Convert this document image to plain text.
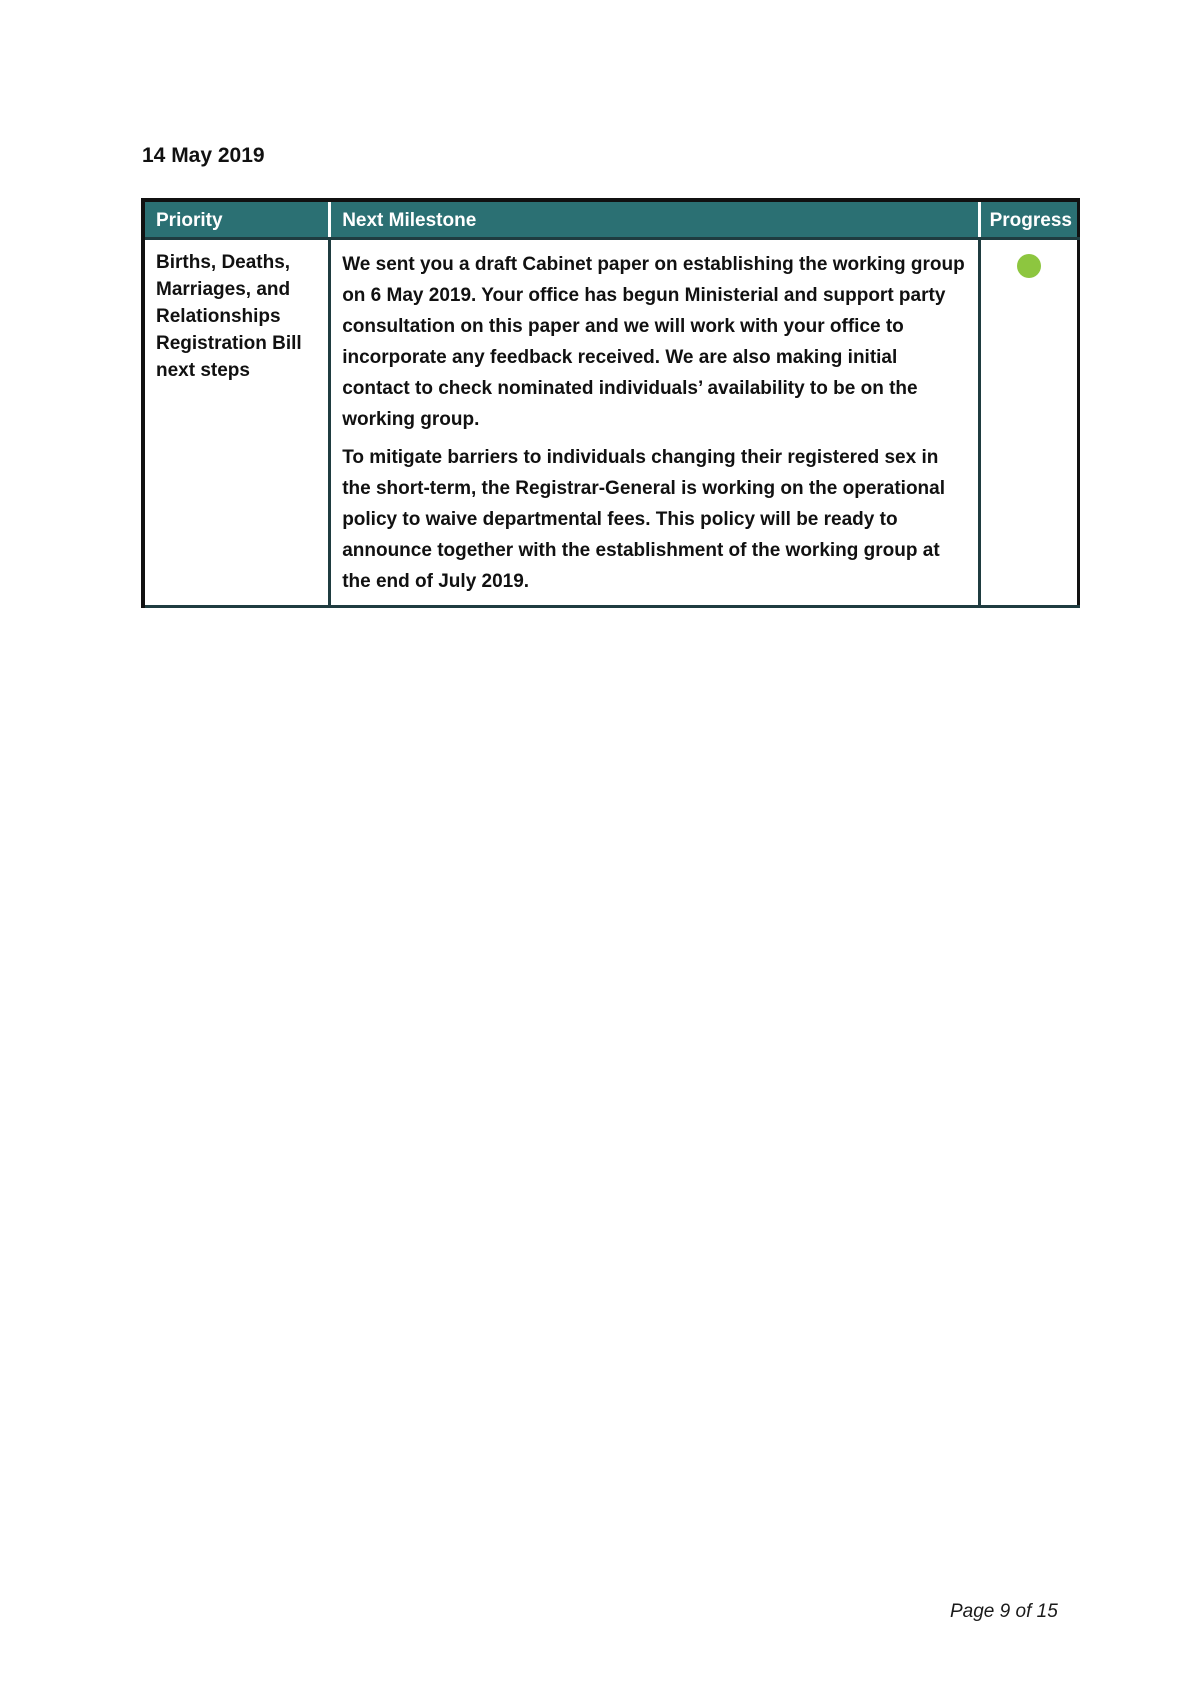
14 May 2019
Priority	Next Milestone	Progress
Births, Deaths, Marriages, and Relationships Registration Bill next steps	We sent you a draft Cabinet paper on establishing the working group on 6 May 2019. Your office has begun Ministerial and support party consultation on this paper and we will work with your office to incorporate any feedback received. We are also making initial contact to check nominated individuals’ availability to be on the working group.

To mitigate barriers to individuals changing their registered sex in the short-term, the Registrar-General is working on the operational policy to waive departmental fees. This policy will be ready to announce together with the establishment of the working group at the end of July 2019.	

Page 9 of 15
